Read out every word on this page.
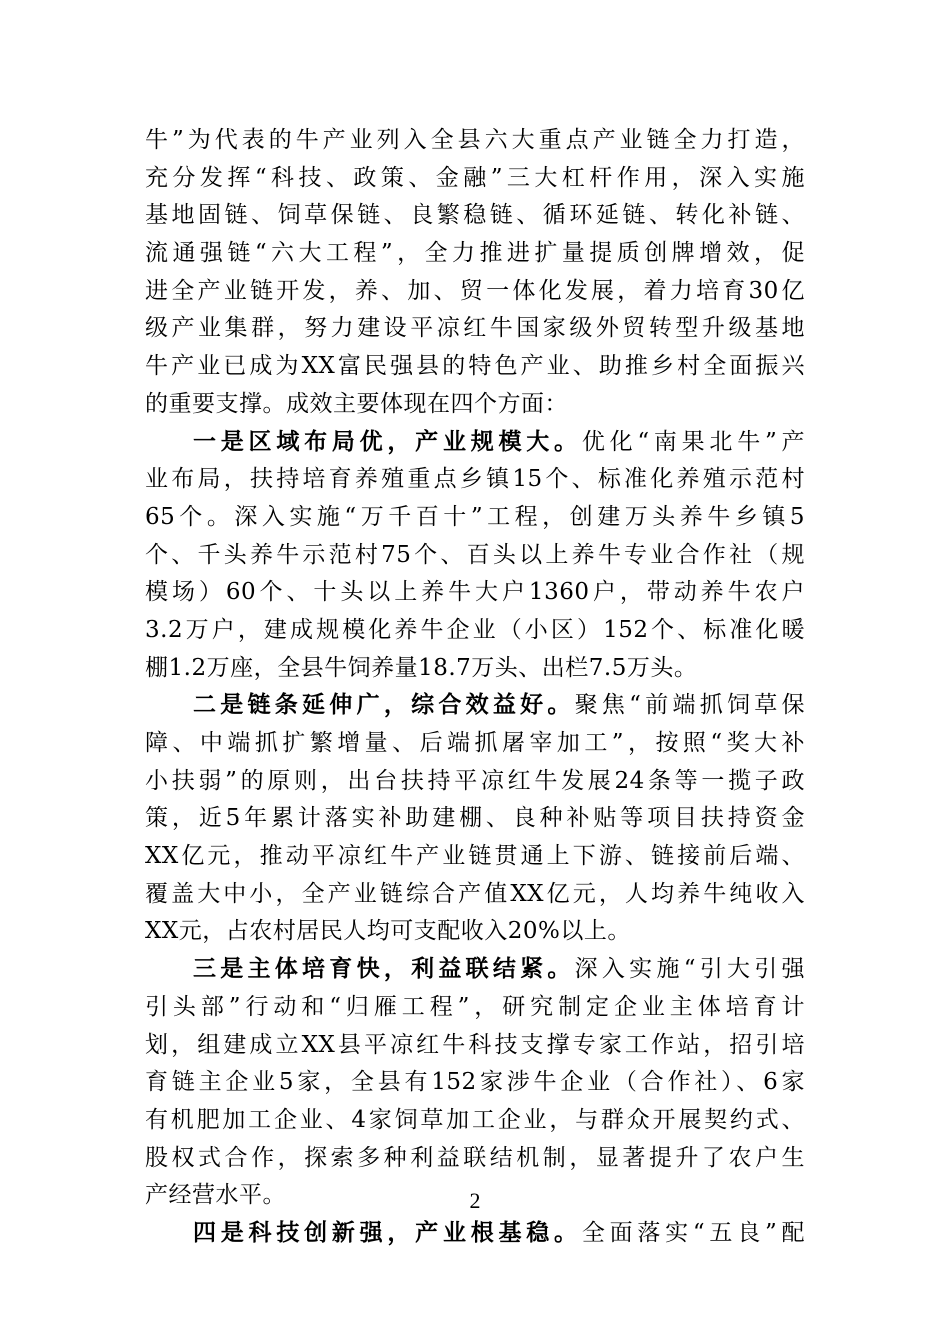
牛”为代表的牛产业列入全县六大重点产业链全力打造，
充分发挥“科技、政策、金融”三大杠杆作用，深入实施
基地固链、饲草保链、良繁稳链、循环延链、转化补链、
流通强链“六大工程”，全力推进扩量提质创牌增效，促
进全产业链开发，养、加、贸一体化发展，着力培育30亿
级产业集群，努力建设平凉红牛国家级外贸转型升级基地
牛产业已成为XX富民强县的特色产业、助推乡村全面振兴
的重要支撑。成效主要体现在四个方面：
一是区域布局优，产业规模大。优化“南果北牛”产
业布局，扶持培育养殖重点乡镇15个、标准化养殖示范村
65个。深入实施“万千百十”工程，创建万头养牛乡镇5
个、千头养牛示范村75个、百头以上养牛专业合作社（规
模场）60个、十头以上养牛大户1360户，带动养牛农户
3.2万户，建成规模化养牛企业（小区）152个、标准化暖
棚1.2万座，全县牛饲养量18.7万头、出栏7.5万头。
二是链条延伸广，综合效益好。聚焦“前端抓饲草保
障、中端抓扩繁增量、后端抓屠宰加工”，按照“奖大补
小扶弱”的原则，出台扶持平凉红牛发展24条等一揽子政
策，近5年累计落实补助建棚、良种补贴等项目扶持资金
XX亿元，推动平凉红牛产业链贯通上下游、链接前后端、
覆盖大中小，全产业链综合产值XX亿元，人均养牛纯收入
XX元，占农村居民人均可支配收入20%以上。
三是主体培育快，利益联结紧。深入实施“引大引强
引头部”行动和“归雁工程”，研究制定企业主体培育计
划，组建成立XX县平凉红牛科技支撑专家工作站，招引培
育链主企业5家，全县有152家涉牛企业（合作社）、6家
有机肥加工企业、4家饲草加工企业，与群众开展契约式、
股权式合作，探索多种利益联结机制，显著提升了农户生
产经营水平。
四是科技创新强，产业根基稳。全面落实“五良”配
2
